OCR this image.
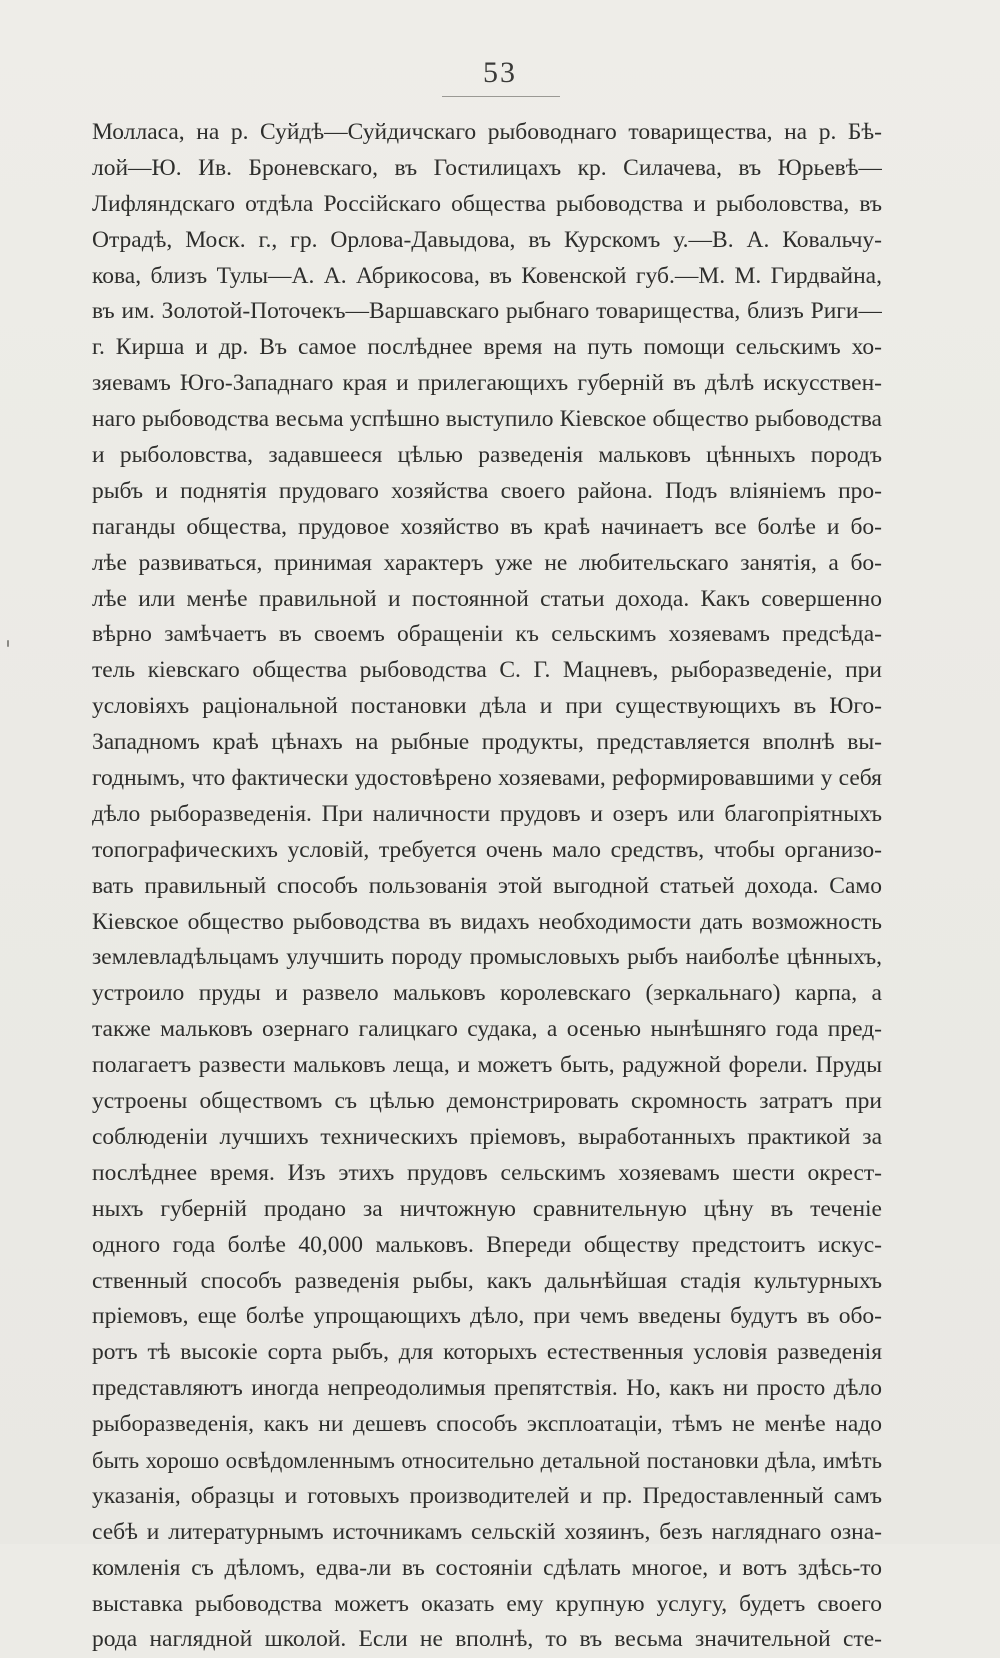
53
Молласа, на р. Суйдѣ—Суйдичскаго рыбоводнаго товарищества, на р. Бѣ-
лой—Ю. Ив. Броневскаго, въ Гостилицахъ кр. Силачева, въ Юрьевѣ—
Лифляндскаго отдѣла Россійскаго общества рыбоводства и рыболовства, въ
Отрадѣ, Моск. г., гр. Орлова-Давыдова, въ Курскомъ у.—В. А. Ковальчу-
кова, близъ Тулы—А. А. Абрикосова, въ Ковенской губ.—М. М. Гирдвайна,
въ им. Золотой-Поточекъ—Варшавскаго рыбнаго товарищества, близъ Риги—
г. Кирша и др. Въ самое послѣднее время на путь помощи сельскимъ хо-
зяевамъ Юго-Западнаго края и прилегающихъ губерній въ дѣлѣ искусствен-
наго рыбоводства весьма успѣшно выступило Кіевское общество рыбоводства
и рыболовства, задавшееся цѣлью разведенія мальковъ цѣнныхъ породъ
рыбъ и поднятія прудоваго хозяйства своего района. Подъ вліяніемъ про-
паганды общества, прудовое хозяйство въ краѣ начинаетъ все болѣе и бо-
лѣе развиваться, принимая характеръ уже не любительскаго занятія, а бо-
лѣе или менѣе правильной и постоянной статьи дохода. Какъ совершенно
вѣрно замѣчаетъ въ своемъ обращеніи къ сельскимъ хозяевамъ предсѣда-
тель кіевскаго общества рыбоводства С. Г. Мацневъ, рыборазведеніе, при
условіяхъ раціональной постановки дѣла и при существующихъ въ Юго-
Западномъ краѣ цѣнахъ на рыбные продукты, представляется вполнѣ вы-
годнымъ, что фактически удостовѣрено хозяевами, реформировавшими у себя
дѣло рыборазведенія. При наличности прудовъ и озеръ или благопріятныхъ
топографическихъ условій, требуется очень мало средствъ, чтобы организо-
вать правильный способъ пользованія этой выгодной статьей дохода. Само
Кіевское общество рыбоводства въ видахъ необходимости дать возможность
землевладѣльцамъ улучшить породу промысловыхъ рыбъ наиболѣе цѣнныхъ,
устроило пруды и развело мальковъ королевскаго (зеркальнаго) карпа, а
также мальковъ озернаго галицкаго судака, а осенью нынѣшняго года пред-
полагаетъ развести мальковъ леща, и можетъ быть, радужной форели. Пруды
устроены обществомъ съ цѣлью демонстрировать скромность затратъ при
соблюденіи лучшихъ техническихъ пріемовъ, выработанныхъ практикой за
послѣднее время. Изъ этихъ прудовъ сельскимъ хозяевамъ шести окрест-
ныхъ губерній продано за ничтожную сравнительную цѣну въ теченіе
одного года болѣе 40,000 мальковъ. Впереди обществу предстоитъ искус-
ственный способъ разведенія рыбы, какъ дальнѣйшая стадія культурныхъ
пріемовъ, еще болѣе упрощающихъ дѣло, при чемъ введены будутъ въ обо-
ротъ тѣ высокіе сорта рыбъ, для которыхъ естественныя условія разведенія
представляютъ иногда непреодолимыя препятствія. Но, какъ ни просто дѣло
рыборазведенія, какъ ни дешевъ способъ эксплоатаціи, тѣмъ не менѣе надо
быть хорошо освѣдомленнымъ относительно детальной постановки дѣла, имѣть
указанія, образцы и готовыхъ производителей и пр. Предоставленный самъ
себѣ и литературнымъ источникамъ сельскій хозяинъ, безъ нагляднаго озна-
комленія съ дѣломъ, едва-ли въ состояніи сдѣлать многое, и вотъ здѣсь-то
выставка рыбоводства можетъ оказать ему крупную услугу, будетъ своего
рода наглядной школой. Если не вполнѣ, то въ весьма значительной сте-
